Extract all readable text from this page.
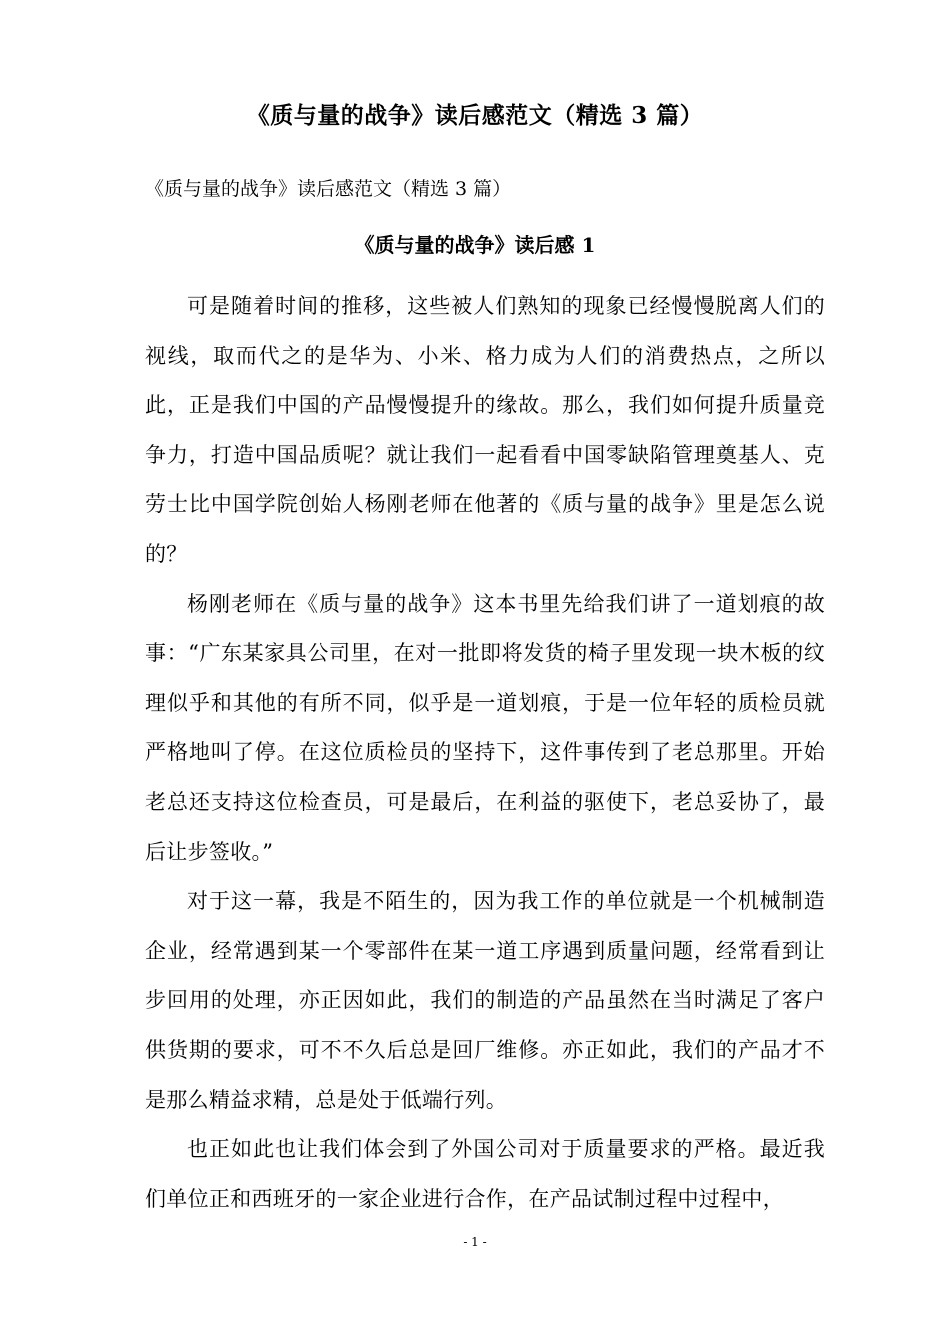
《质与量的战争》读后感范文（精选 3 篇）
《质与量的战争》读后感范文（精选 3 篇）
《质与量的战争》读后感 1

可是随着时间的推移，这些被人们熟知的现象已经慢慢脱离人们的视线，取而代之的是华为、小米、格力成为人们的消费热点，之所以此，正是我们中国的产品慢慢提升的缘故。那么，我们如何提升质量竞争力，打造中国品质呢？就让我们一起看看中国零缺陷管理奠基人、克劳士比中国学院创始人杨刚老师在他著的《质与量的战争》里是怎么说的？

杨刚老师在《质与量的战争》这本书里先给我们讲了一道划痕的故事：“广东某家具公司里，在对一批即将发货的椅子里发现一块木板的纹理似乎和其他的有所不同，似乎是一道划痕，于是一位年轻的质检员就严格地叫了停。在这位质检员的坚持下，这件事传到了老总那里。开始老总还支持这位检查员，可是最后，在利益的驱使下，老总妥协了，最后让步签收。”

对于这一幕，我是不陌生的，因为我工作的单位就是一个机械制造企业，经常遇到某一个零部件在某一道工序遇到质量问题，经常看到让步回用的处理，亦正因如此，我们的制造的产品虽然在当时满足了客户供货期的要求，可不不久后总是回厂维修。亦正如此，我们的产品才不是那么精益求精，总是处于低端行列。

也正如此也让我们体会到了外国公司对于质量要求的严格。最近我们单位正和西班牙的一家企业进行合作，在产品试制过程中过程中，

- 1 -
